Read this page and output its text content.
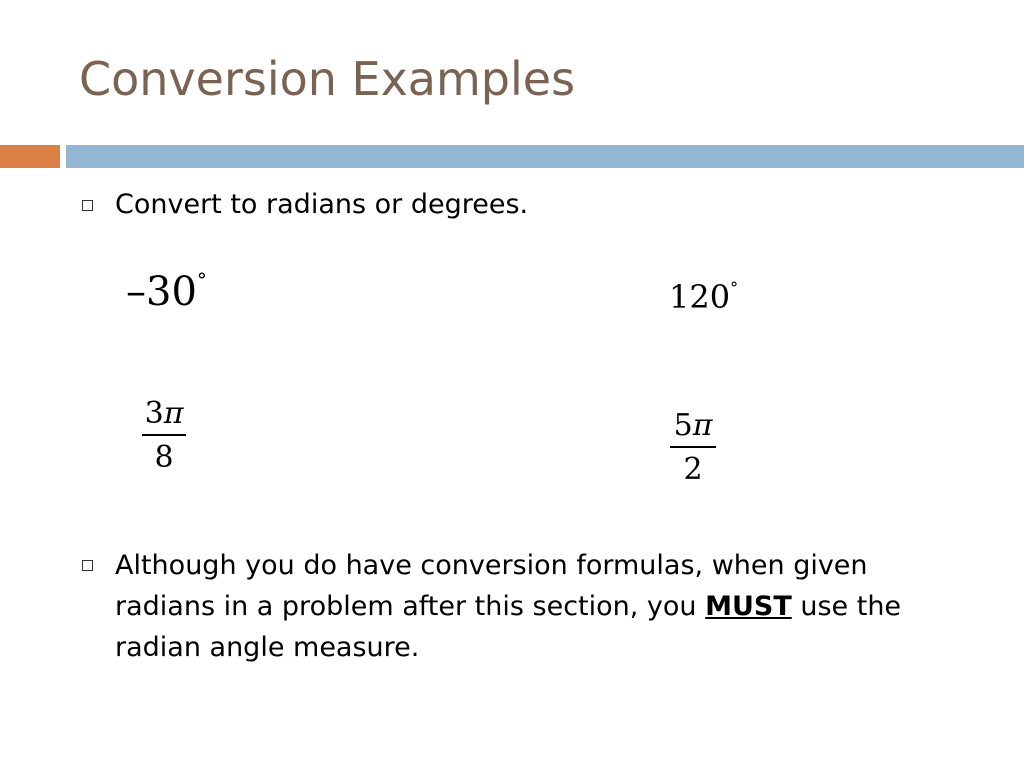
Conversion Examples
Convert to radians or degrees.
–30°	120°
3π
8
5π
2
Although you do have conversion formulas, when given radians in a problem after this section, you MUST use the radian angle measure.
